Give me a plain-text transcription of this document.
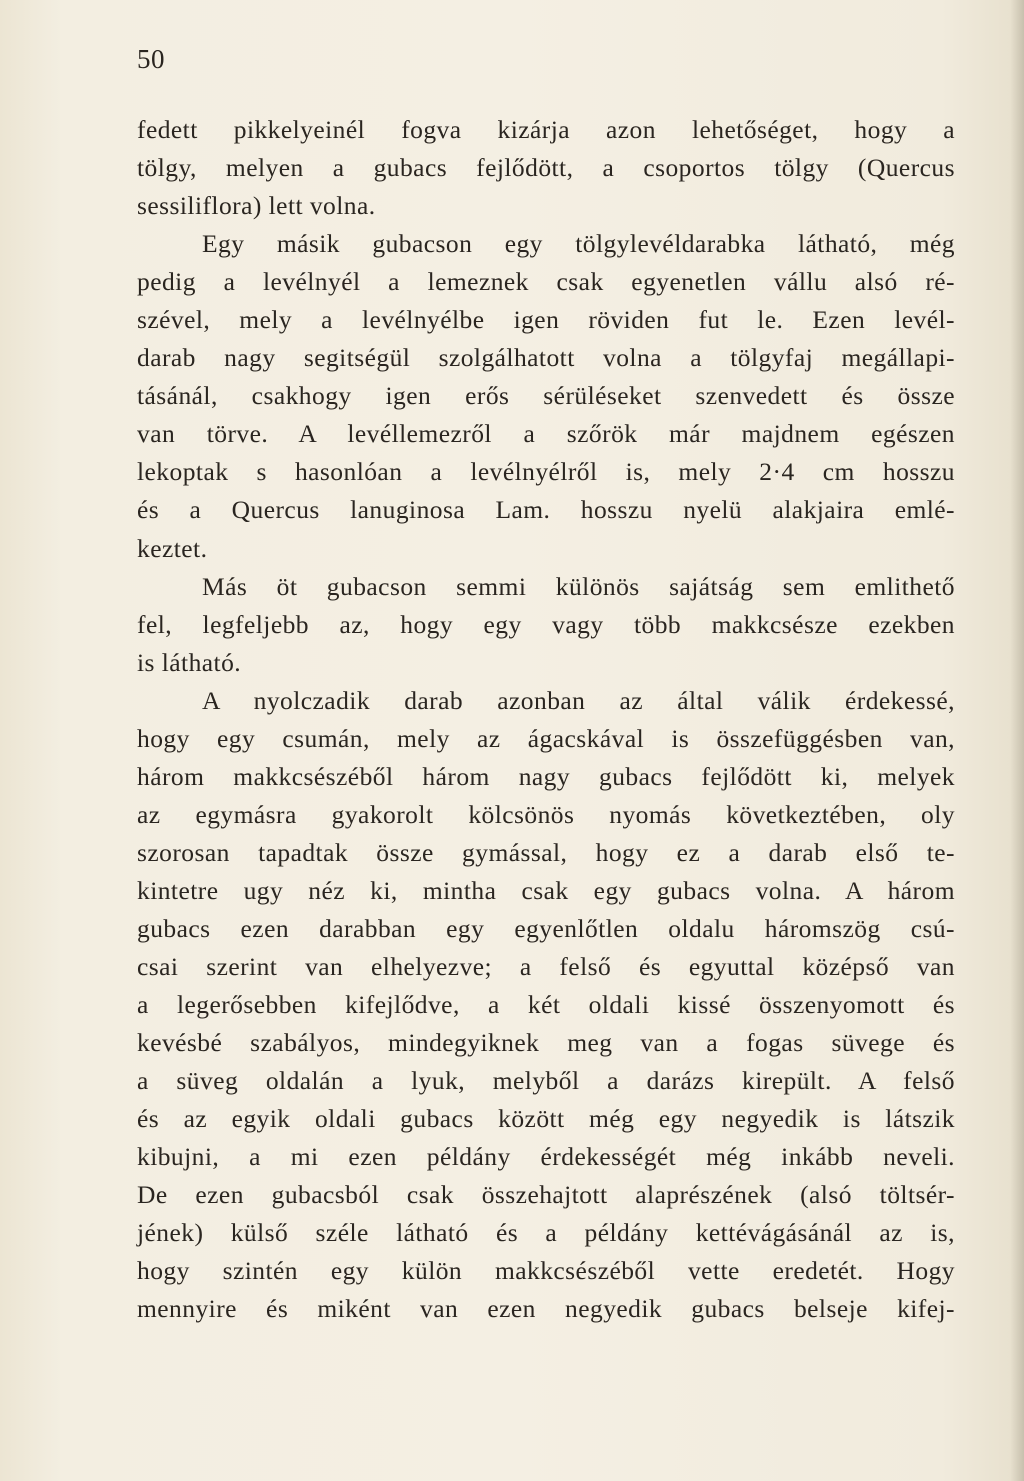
50
fedett pikkelyeinél fogva kizárja azon lehetőséget, hogy a
tölgy, melyen a gubacs fejlődött, a csoportos tölgy (Quercus
sessiliflora) lett volna.
Egy másik gubacson egy tölgylevéldarabka látható, még
pedig a levélnyél a lemeznek csak egyenetlen vállu alsó ré-
szével, mely a levélnyélbe igen röviden fut le. Ezen levél-
darab nagy segitségül szolgálhatott volna a tölgyfaj megállapi-
tásánál, csakhogy igen erős sérüléseket szenvedett és össze
van törve. A levéllemezről a szőrök már majdnem egészen
lekoptak s hasonlóan a levélnyélről is, mely 2·4 cm hosszu
és a Quercus lanuginosa Lam. hosszu nyelü alakjaira emlé-
keztet.
Más öt gubacson semmi különös sajátság sem emlithető
fel, legfeljebb az, hogy egy vagy több makkcsésze ezekben
is látható.
A nyolczadik darab azonban az által válik érdekessé,
hogy egy csumán, mely az ágacskával is összefüggésben van,
három makkcsészéből három nagy gubacs fejlődött ki, melyek
az egymásra gyakorolt kölcsönös nyomás következtében, oly
szorosan tapadtak össze gymással, hogy ez a darab első te-
kintetre ugy néz ki, mintha csak egy gubacs volna. A három
gubacs ezen darabban egy egyenlőtlen oldalu háromszög csú-
csai szerint van elhelyezve; a felső és egyuttal középső van
a legerősebben kifejlődve, a két oldali kissé összenyomott és
kevésbé szabályos, mindegyiknek meg van a fogas süvege és
a süveg oldalán a lyuk, melyből a darázs kirepült. A felső
és az egyik oldali gubacs között még egy negyedik is látszik
kibujni, a mi ezen példány érdekességét még inkább neveli.
De ezen gubacsból csak összehajtott alaprészének (alsó töltsér-
jének) külső széle látható és a példány kettévágásánál az is,
hogy szintén egy külön makkcsészéből vette eredetét. Hogy
mennyire és miként van ezen negyedik gubacs belseje kifej-
